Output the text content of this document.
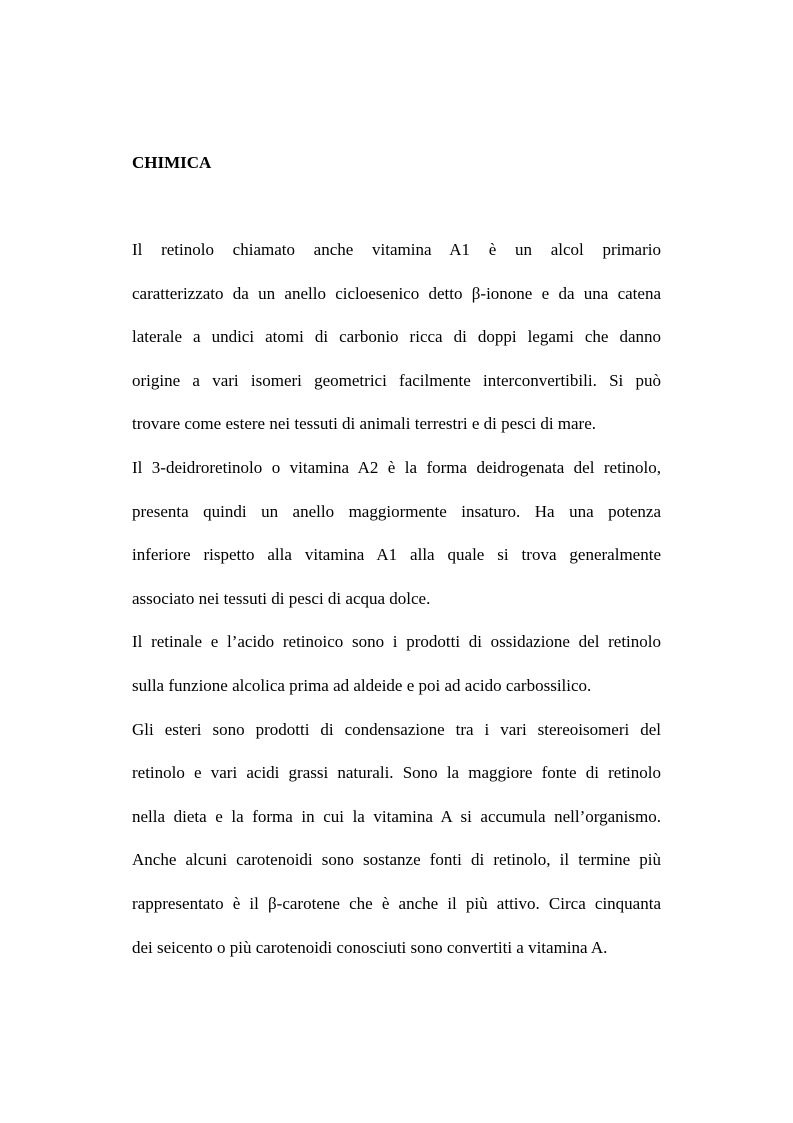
CHIMICA
Il retinolo chiamato anche vitamina A1 è un alcol primario
caratterizzato da un anello cicloesenico detto β-ionone e da una catena
laterale a undici atomi di carbonio ricca di doppi legami che danno
origine a vari isomeri geometrici facilmente interconvertibili. Si può
trovare come estere nei tessuti di animali terrestri e di pesci di mare.
Il 3-deidroretinolo o vitamina A2 è la forma deidrogenata del retinolo,
presenta quindi un anello maggiormente insaturo. Ha una potenza
inferiore rispetto alla vitamina A1 alla quale si trova generalmente
associato nei tessuti di pesci di acqua dolce.
Il retinale e l’acido retinoico sono i prodotti di ossidazione del retinolo
sulla funzione alcolica prima ad aldeide e poi ad acido carbossilico.
Gli esteri sono prodotti di condensazione tra i vari stereoisomeri del
retinolo e vari acidi grassi naturali. Sono la maggiore fonte di retinolo
nella dieta e la forma in cui la vitamina A si accumula nell’organismo.
Anche alcuni carotenoidi sono sostanze fonti di retinolo, il termine più
rappresentato è il β-carotene che è anche il più attivo. Circa cinquanta
dei seicento o più carotenoidi conosciuti sono convertiti a vitamina A.
